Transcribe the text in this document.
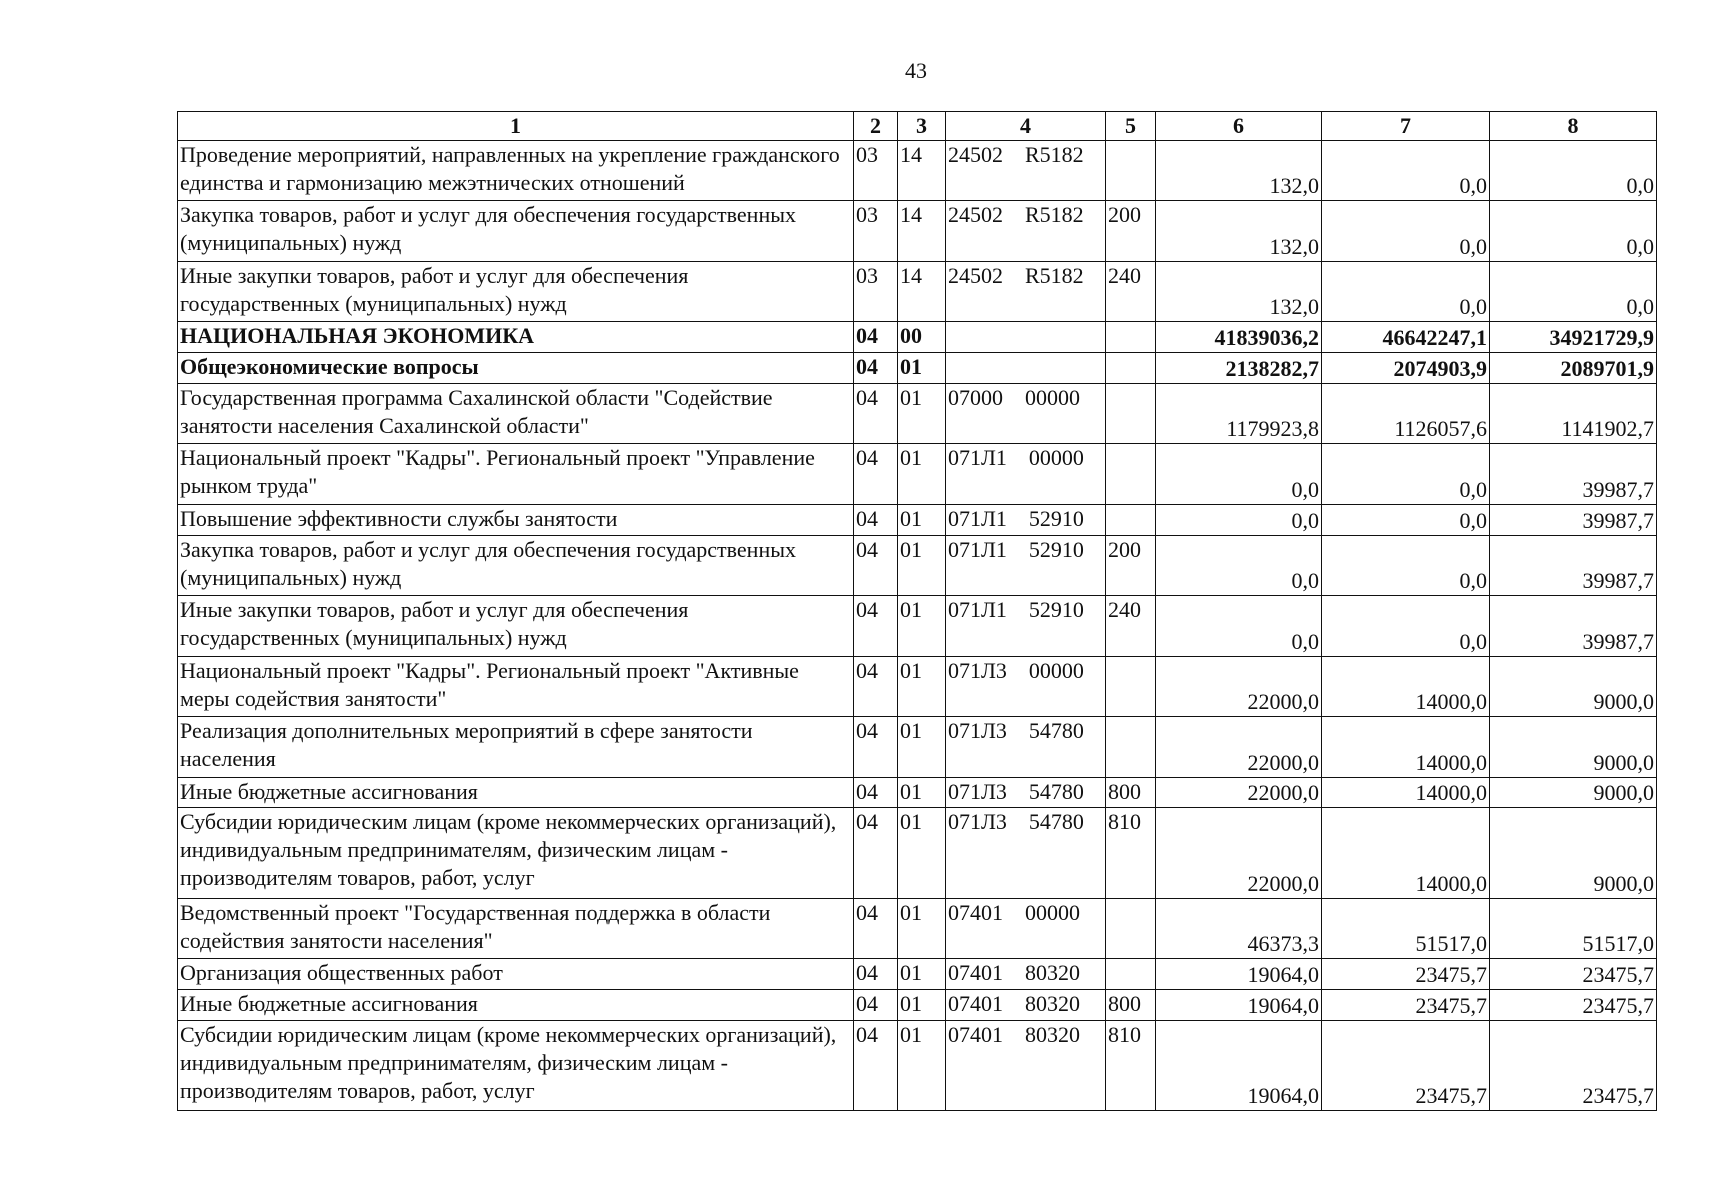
43
1	2	3	4	5	6	7	8
Проведение мероприятий, направленных на укрепление гражданского единства и гармонизацию межэтнических отношений	03	14	24502 R5182		132,0	0,0	0,0
Закупка товаров, работ и услуг для обеспечения государственных (муниципальных) нужд	03	14	24502 R5182	200	132,0	0,0	0,0
Иные закупки товаров, работ и услуг для обеспечения государственных (муниципальных) нужд	03	14	24502 R5182	240	132,0	0,0	0,0
НАЦИОНАЛЬНАЯ ЭКОНОМИКА	04	00			41839036,2	46642247,1	34921729,9
Общеэкономические вопросы	04	01			2138282,7	2074903,9	2089701,9
Государственная программа Сахалинской области "Содействие занятости населения Сахалинской области"	04	01	07000 00000		1179923,8	1126057,6	1141902,7
Национальный проект "Кадры". Региональный проект "Управление рынком труда"	04	01	071Л1 00000		0,0	0,0	39987,7
Повышение эффективности службы занятости	04	01	071Л1 52910		0,0	0,0	39987,7
Закупка товаров, работ и услуг для обеспечения государственных (муниципальных) нужд	04	01	071Л1 52910	200	0,0	0,0	39987,7
Иные закупки товаров, работ и услуг для обеспечения государственных (муниципальных) нужд	04	01	071Л1 52910	240	0,0	0,0	39987,7
Национальный проект "Кадры". Региональный проект "Активные меры содействия занятости"	04	01	071Л3 00000		22000,0	14000,0	9000,0
Реализация дополнительных мероприятий в сфере занятости населения	04	01	071Л3 54780		22000,0	14000,0	9000,0
Иные бюджетные ассигнования	04	01	071Л3 54780	800	22000,0	14000,0	9000,0
Субсидии юридическим лицам (кроме некоммерческих организаций), индивидуальным предпринимателям, физическим лицам - производителям товаров, работ, услуг	04	01	071Л3 54780	810	22000,0	14000,0	9000,0
Ведомственный проект "Государственная поддержка в области содействия занятости населения"	04	01	07401 00000		46373,3	51517,0	51517,0
Организация общественных работ	04	01	07401 80320		19064,0	23475,7	23475,7
Иные бюджетные ассигнования	04	01	07401 80320	800	19064,0	23475,7	23475,7
Субсидии юридическим лицам (кроме некоммерческих организаций), индивидуальным предпринимателям, физическим лицам - производителям товаров, работ, услуг	04	01	07401 80320	810	19064,0	23475,7	23475,7
